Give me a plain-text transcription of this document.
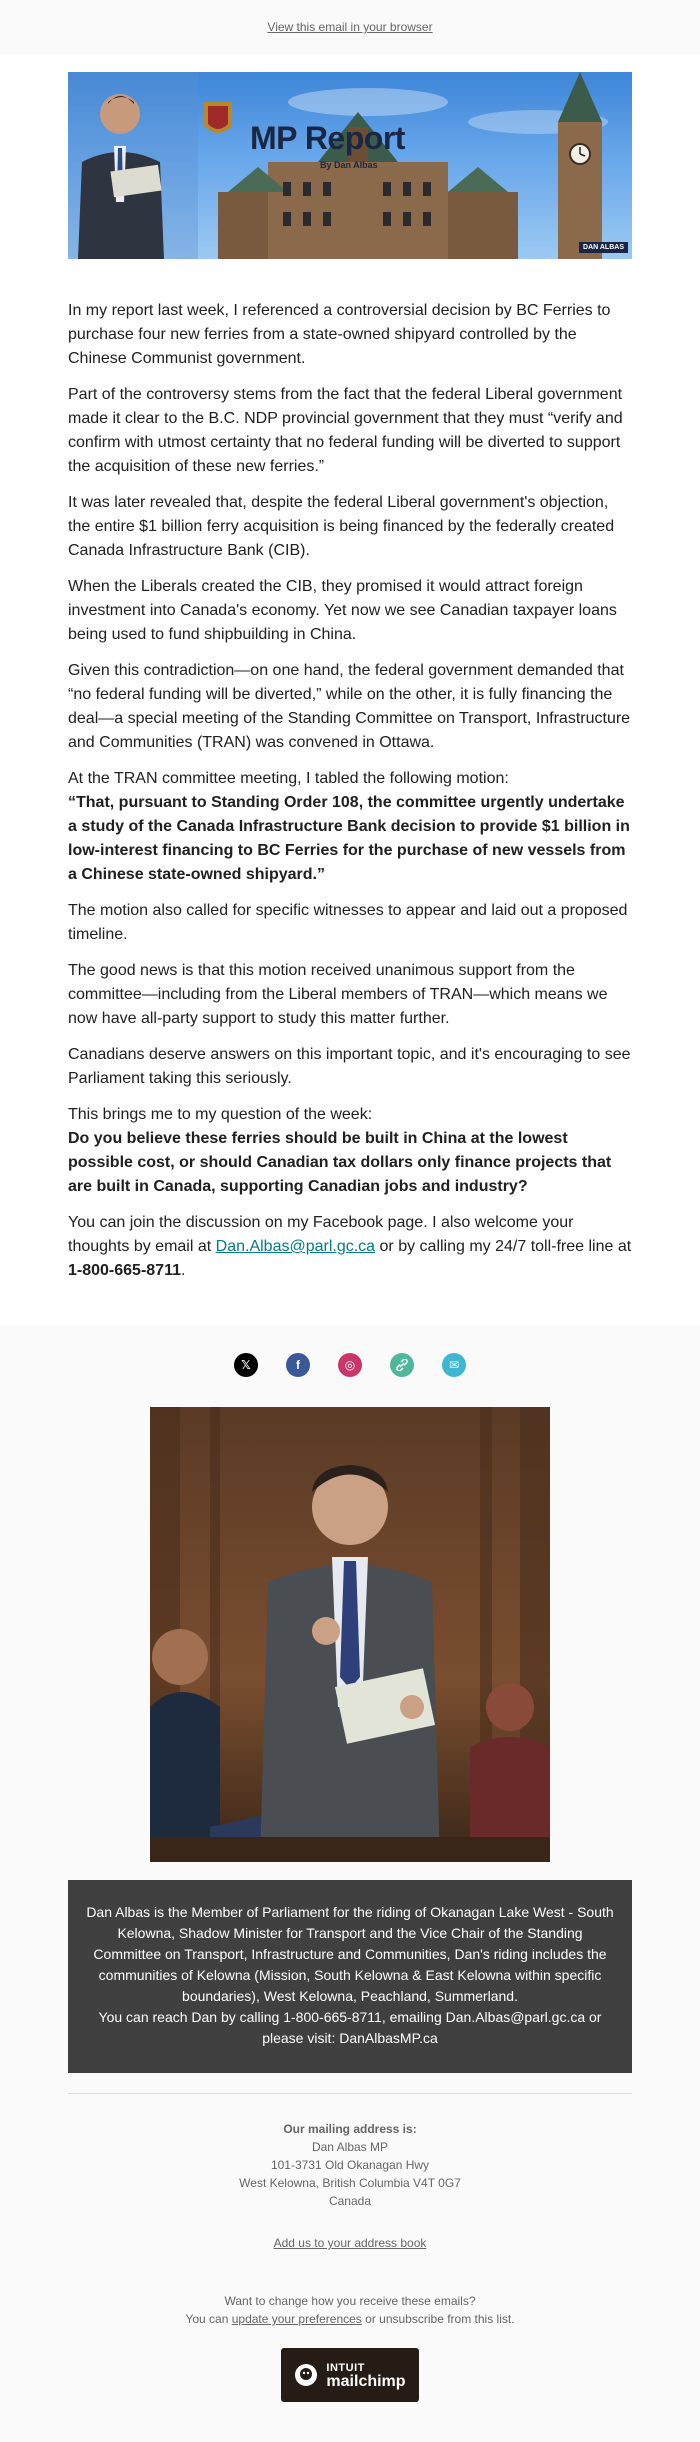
View this email in your browser
MP Report
By Dan Albas
DAN ALBAS

In my report last week, I referenced a controversial decision by BC Ferries to purchase four new ferries from a state-owned shipyard controlled by the Chinese Communist government.

Part of the controversy stems from the fact that the federal Liberal government made it clear to the B.C. NDP provincial government that they must “verify and confirm with utmost certainty that no federal funding will be diverted to support the acquisition of these new ferries.”

It was later revealed that, despite the federal Liberal government's objection, the entire $1 billion ferry acquisition is being financed by the federally created Canada Infrastructure Bank (CIB).

When the Liberals created the CIB, they promised it would attract foreign investment into Canada's economy. Yet now we see Canadian taxpayer loans being used to fund shipbuilding in China.

Given this contradiction—on one hand, the federal government demanded that “no federal funding will be diverted,” while on the other, it is fully financing the deal—a special meeting of the Standing Committee on Transport, Infrastructure and Communities (TRAN) was convened in Ottawa.

At the TRAN committee meeting, I tabled the following motion:
“That, pursuant to Standing Order 108, the committee urgently undertake a study of the Canada Infrastructure Bank decision to provide $1 billion in low-interest financing to BC Ferries for the purchase of new vessels from a Chinese state-owned shipyard.”

The motion also called for specific witnesses to appear and laid out a proposed timeline.

The good news is that this motion received unanimous support from the committee—including from the Liberal members of TRAN—which means we now have all-party support to study this matter further.

Canadians deserve answers on this important topic, and it's encouraging to see Parliament taking this seriously.

This brings me to my question of the week:
Do you believe these ferries should be built in China at the lowest possible cost, or should Canadian tax dollars only finance projects that are built in Canada, supporting Canadian jobs and industry?

You can join the discussion on my Facebook page. I also welcome your thoughts by email at Dan.Albas@parl.gc.ca or by calling my 24/7 toll-free line at 1-800-665-8711.

𝕏	f	◎	✉
Dan Albas is the Member of Parliament for the riding of Okanagan Lake West - South Kelowna, Shadow Minister for Transport and the Vice Chair of the Standing Committee on Transport, Infrastructure and Communities, Dan's riding includes the communities of Kelowna (Mission, South Kelowna & East Kelowna within specific boundaries), West Kelowna, Peachland, Summerland.
You can reach Dan by calling 1-800-665-8711, emailing Dan.Albas@parl.gc.ca or please visit: DanAlbasMP.ca
Our mailing address is:
Dan Albas MP
101-3731 Old Okanagan Hwy
West Kelowna, British Columbia V4T 0G7
Canada
Add us to your address book
Want to change how you receive these emails?
You can update your preferences or unsubscribe from this list.
INTUIT
mailchimp
